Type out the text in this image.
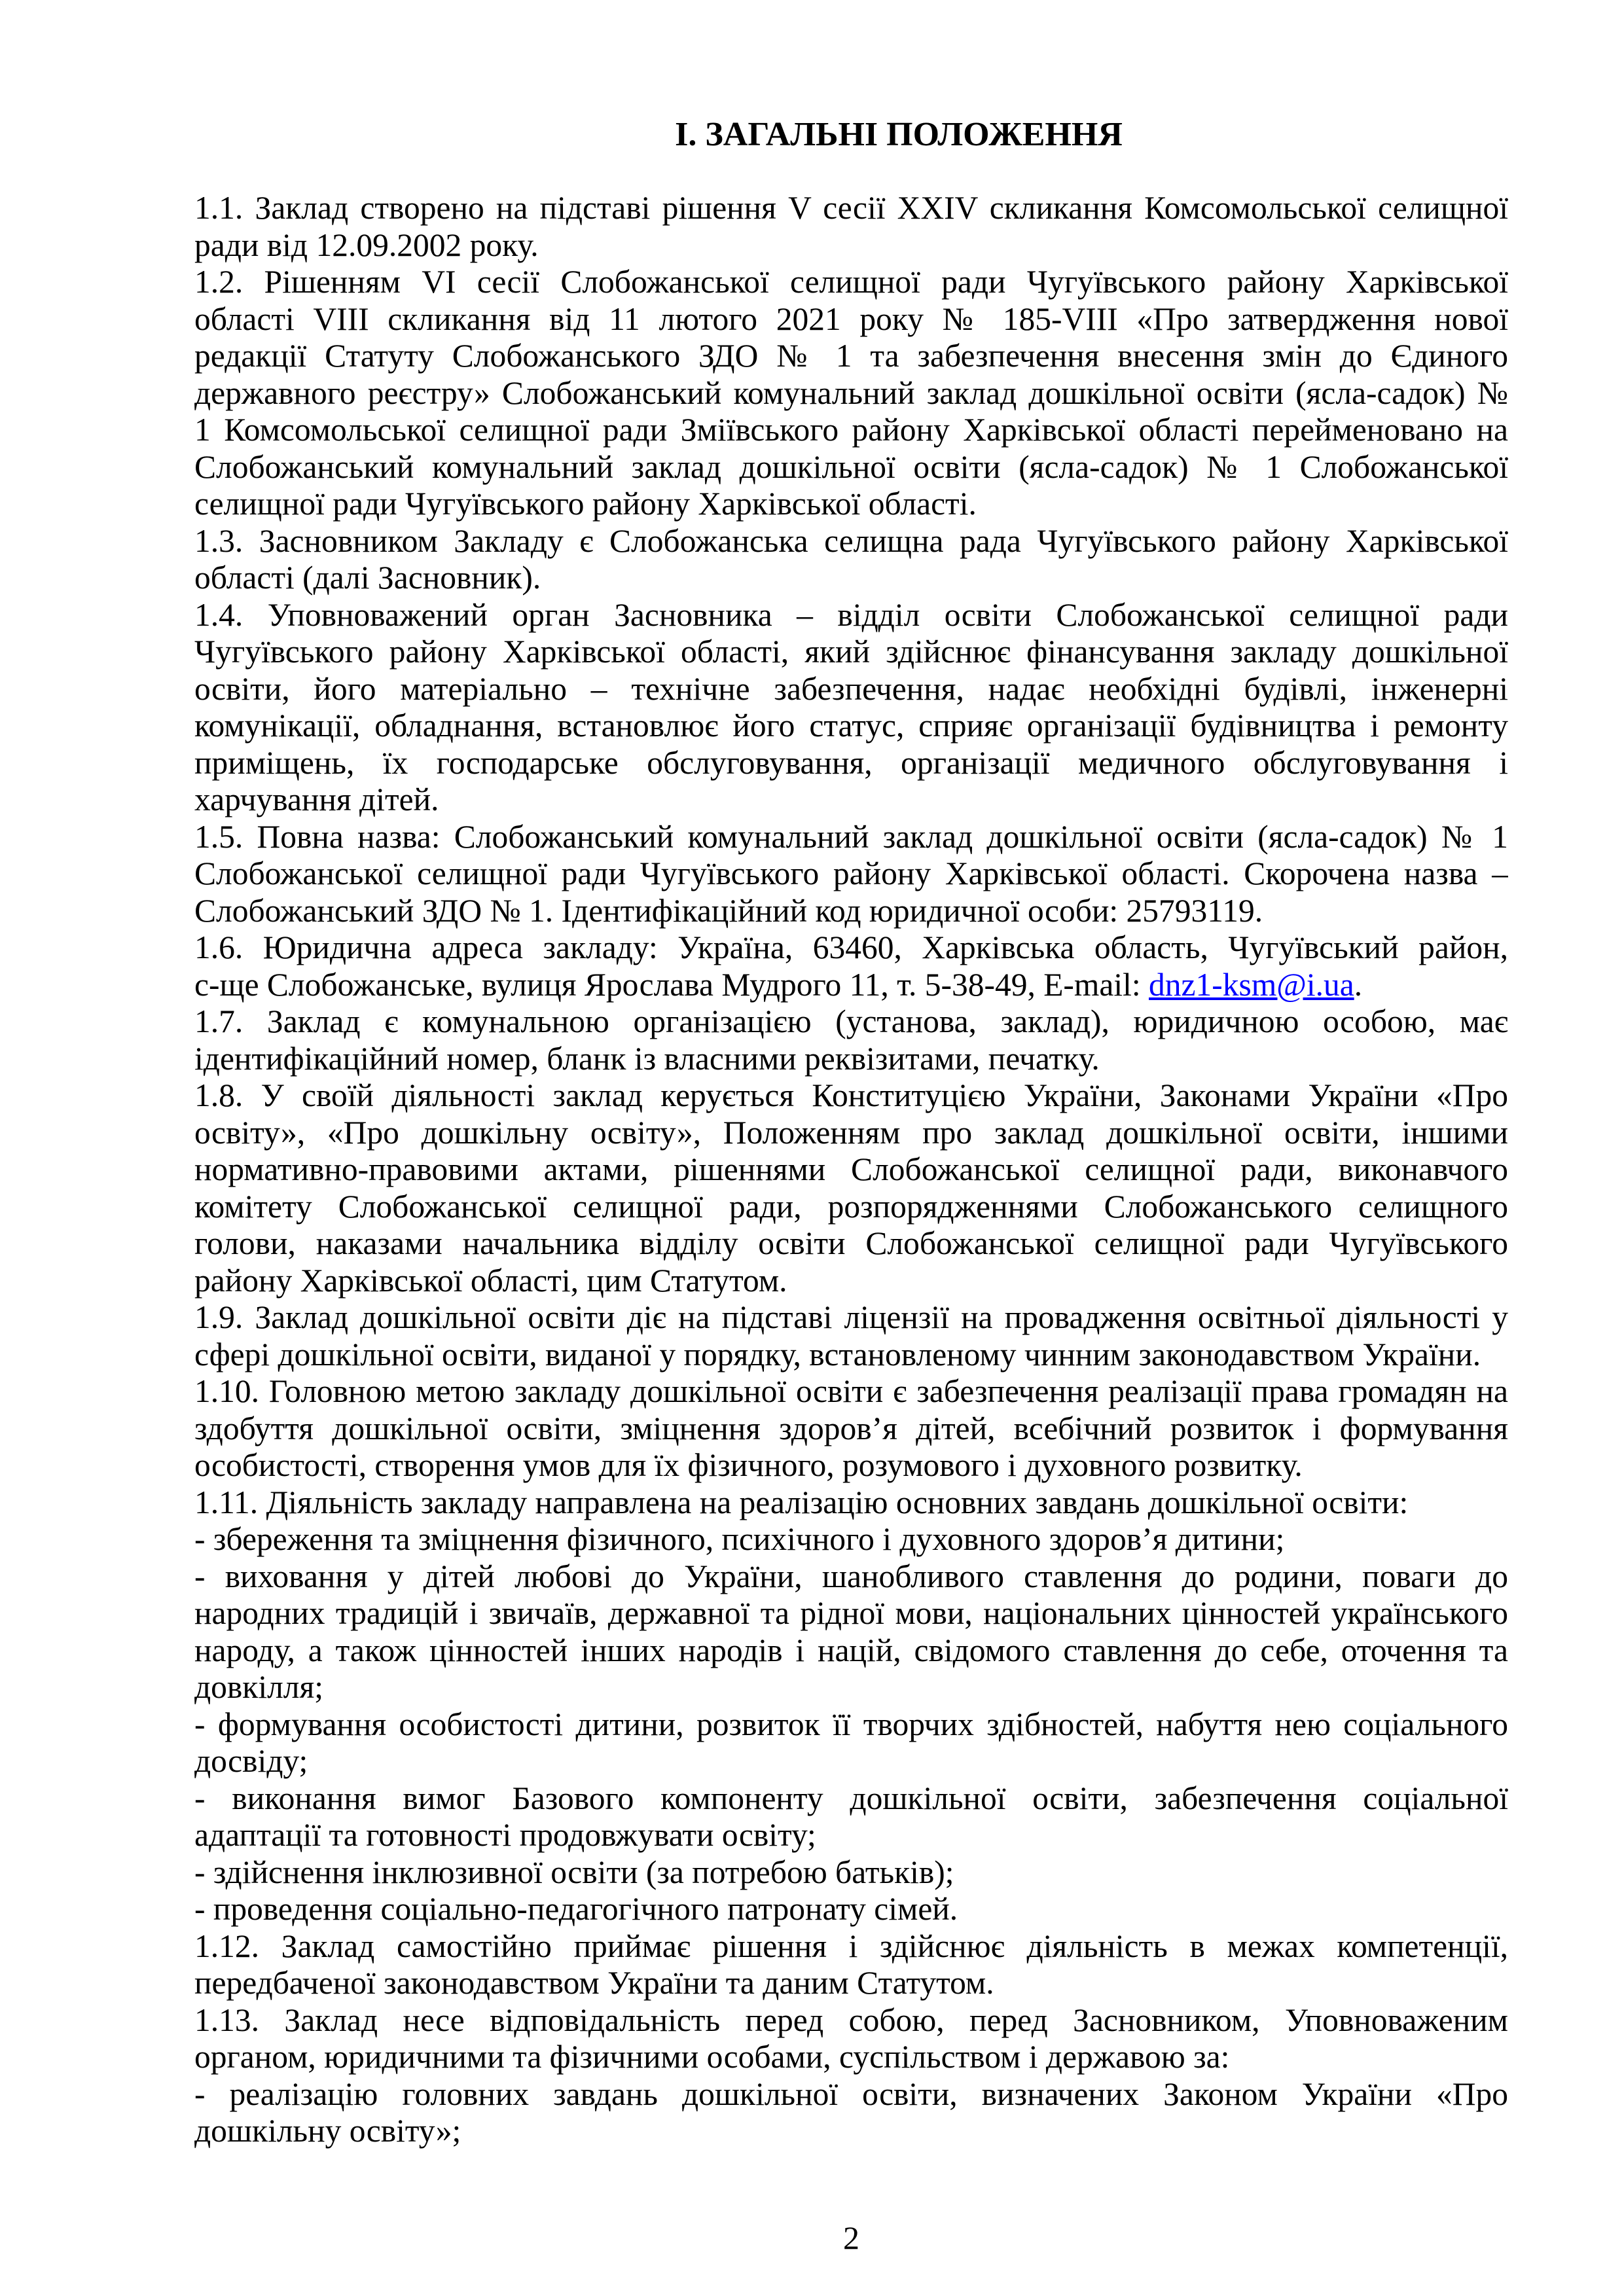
І. ЗАГАЛЬНІ ПОЛОЖЕННЯ
1.1. Заклад створено на підставі рішення V сесії XXIV скликання Комсомольської селищної
ради від 12.09.2002 року.
1.2. Рішенням VI сесії Слобожанської селищної ради Чугуївського району Харківської
області VIII скликання від 11 лютого 2021 року № 185-VIII «Про затвердження нової
редакції Статуту Слобожанського ЗДО № 1 та забезпечення внесення змін до Єдиного
державного реєстру» Слобожанський комунальний заклад дошкільної освіти (ясла-садок) №
1 Комсомольської селищної ради Зміївського району Харківської області перейменовано на
Слобожанський комунальний заклад дошкільної освіти (ясла-садок) № 1 Слобожанської
селищної ради Чугуївського району Харківської області.
1.3. Засновником Закладу є Слобожанська селищна рада Чугуївського району Харківської
області (далі Засновник).
1.4. Уповноважений орган Засновника – відділ освіти Слобожанської селищної ради
Чугуївського району Харківської області, який здійснює фінансування закладу дошкільної
освіти, його матеріально – технічне забезпечення, надає необхідні будівлі, інженерні
комунікації, обладнання, встановлює його статус, сприяє організації будівництва і ремонту
приміщень, їх господарське обслуговування, організації медичного обслуговування і
харчування дітей.
1.5. Повна назва: Слобожанський комунальний заклад дошкільної освіти (ясла-садок) № 1
Слобожанської селищної ради Чугуївського району Харківської області. Скорочена назва –
Слобожанський ЗДО № 1. Ідентифікаційний код юридичної особи: 25793119.
1.6. Юридична адреса закладу: Україна, 63460, Харківська область, Чугуївський район,
с-ще Слобожанське, вулиця Ярослава Мудрого 11, т. 5-38-49, E-mail: dnz1-ksm@i.ua.
1.7. Заклад є комунальною організацією (установа, заклад), юридичною особою, має
ідентифікаційний номер, бланк із власними реквізитами, печатку.
1.8. У своїй діяльності заклад керується Конституцією України, Законами України «Про
освіту», «Про дошкільну освіту», Положенням про заклад дошкільної освіти, іншими
нормативно-правовими актами, рішеннями Слобожанської селищної ради, виконавчого
комітету Слобожанської селищної ради, розпорядженнями Слобожанського селищного
голови, наказами начальника відділу освіти Слобожанської селищної ради Чугуївського
району Харківської області, цим Статутом.
1.9. Заклад дошкільної освіти діє на підставі ліцензії на провадження освітньої діяльності у
сфері дошкільної освіти, виданої у порядку, встановленому чинним законодавством України.
1.10. Головною метою закладу дошкільної освіти є забезпечення реалізації права громадян на
здобуття дошкільної освіти, зміцнення здоров’я дітей, всебічний розвиток і формування
особистості, створення умов для їх фізичного, розумового і духовного розвитку.
1.11. Діяльність закладу направлена на реалізацію основних завдань дошкільної освіти:
- збереження та зміцнення фізичного, психічного і духовного здоров’я дитини;
- виховання у дітей любові до України, шанобливого ставлення до родини, поваги до
народних традицій і звичаїв, державної та рідної мови, національних цінностей українського
народу, а також цінностей інших народів і націй, свідомого ставлення до себе, оточення та
довкілля;
- формування особистості дитини, розвиток її творчих здібностей, набуття нею соціального
досвіду;
- виконання вимог Базового компоненту дошкільної освіти, забезпечення соціальної
адаптації та готовності продовжувати освіту;
- здійснення інклюзивної освіти (за потребою батьків);
- проведення соціально-педагогічного патронату сімей.
1.12. Заклад самостійно приймає рішення і здійснює діяльність в межах компетенції,
передбаченої законодавством України та даним Статутом.
1.13. Заклад несе відповідальність перед собою, перед Засновником, Уповноваженим
органом, юридичними та фізичними особами, суспільством і державою за:
- реалізацію головних завдань дошкільної освіти, визначених Законом України «Про
дошкільну освіту»;
2
